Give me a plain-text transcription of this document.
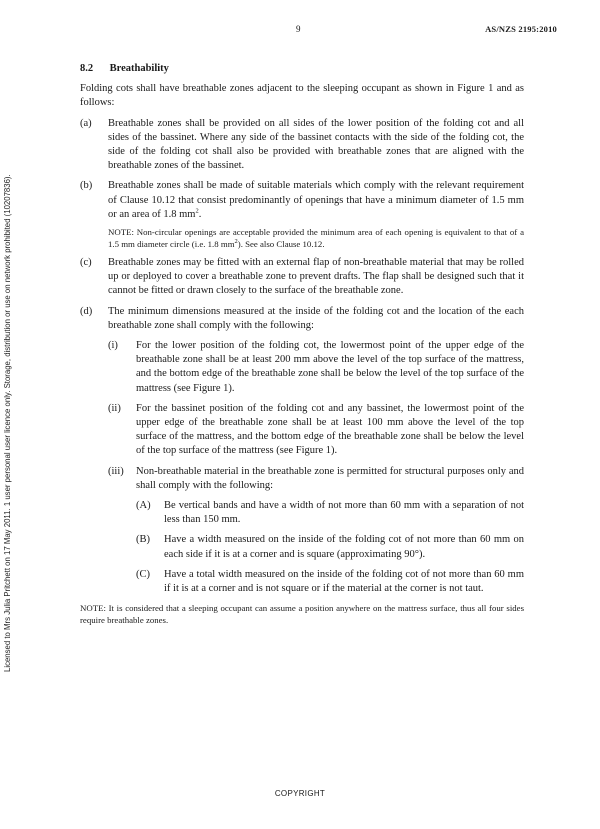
9	AS/NZS 2195:2010
Licensed to Mrs Julia Pritchett on 17 May 2011. 1 user personal user licence only. Storage, distribution or use on network prohibited (10207836).
8.2 Breathability

Folding cots shall have breathable zones adjacent to the sleeping occupant as shown in Figure 1 and as follows:

(a)	Breathable zones shall be provided on all sides of the lower position of the folding cot and all sides of the bassinet. Where any side of the bassinet contacts with the side of the folding cot, the side of the folding cot shall also be provided with breathable zones that are aligned with the breathable zones of the bassinet.
(b)	Breathable zones shall be made of suitable materials which comply with the relevant requirement of Clause 10.12 that consist predominantly of openings that have a minimum diameter of 1.5 mm or an area of 1.8 $mm^2$.

NOTE: Non-circular openings are acceptable provided the minimum area of each opening is equivalent to that of a 1.5 mm diameter circle (i.e. 1.8 $mm^2$). See also Clause 10.12.

(c)	Breathable zones may be fitted with an external flap of non-breathable material that may be rolled up or deployed to cover a breathable zone to prevent drafts. The flap shall be designed such that it cannot be fitted or drawn closely to the surface of the breathable zone.
(d)	The minimum dimensions measured at the inside of the folding cot and the location of the each breathable zone shall comply with the following:

(i)	For the lower position of the folding cot, the lowermost point of the upper edge of the breathable zone shall be at least 200 mm above the level of the top surface of the mattress, and the bottom edge of the breathable zone shall be below the level of the top surface of the mattress (see Figure 1).
(ii)	For the bassinet position of the folding cot and any bassinet, the lowermost point of the upper edge of the breathable zone shall be at least 100 mm above the level of the top surface of the mattress, and the bottom edge of the breathable zone shall be below the level of the top surface of the mattress (see Figure 1).
(iii)	Non-breathable material in the breathable zone is permitted for structural purposes only and shall comply with the following:

(A)	Be vertical bands and have a width of not more than 60 mm with a separation of not less than 150 mm.
(B)	Have a width measured on the inside of the folding cot of not more than 60 mm on each side if it is at a corner and is square (approximating 90°).
(C)	Have a total width measured on the inside of the folding cot of not more than 60 mm if it is at a corner and is not square or if the material at the corner is not taut.

NOTE: It is considered that a sleeping occupant can assume a position anywhere on the mattress surface, thus all four sides require breathable zones.

COPYRIGHT
